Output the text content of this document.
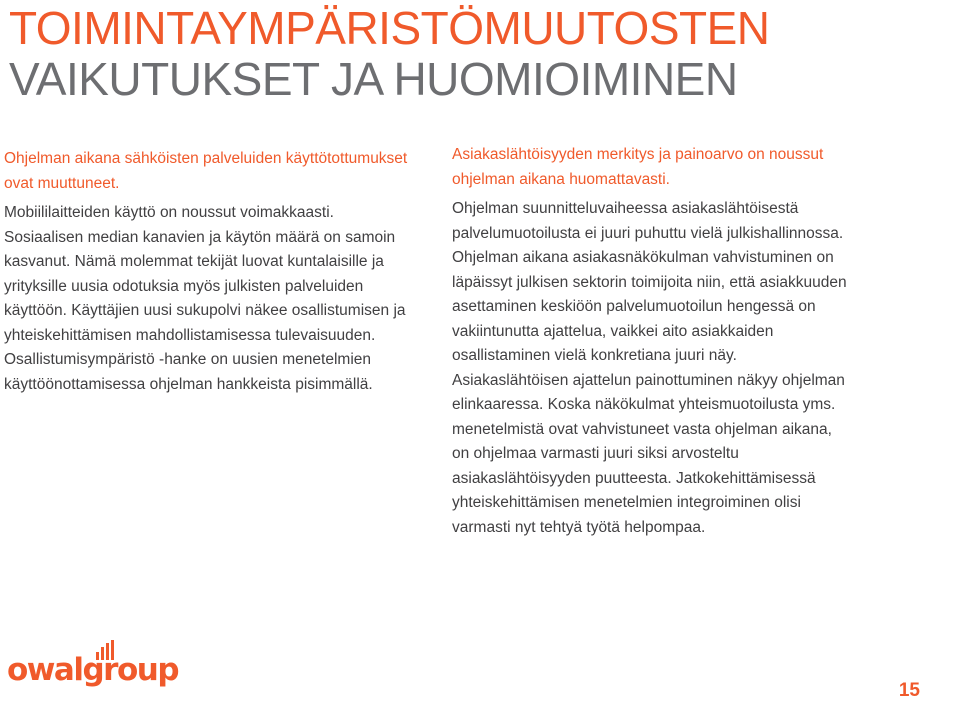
TOIMINTAYMPÄRISTÖMUUTOSTEN
VAIKUTUKSET JA HUOMIOIMINEN

Ohjelman aikana sähköisten palveluiden käyttötottumukset ovat muuttuneet.

Mobiililaitteiden käyttö on noussut voimakkaasti. Sosiaalisen median kanavien ja käytön määrä on samoin kasvanut. Nämä molemmat tekijät luovat kuntalaisille ja yrityksille uusia odotuksia myös julkisten palveluiden käyttöön. Käyttäjien uusi sukupolvi näkee osallistumisen ja yhteiskehittämisen mahdollistamisessa tulevaisuuden. Osallistumisympäristö -hanke on uusien menetelmien käyttöönottamisessa ohjelman hankkeista pisimmällä.

Asiakaslähtöisyyden merkitys ja painoarvo on noussut ohjelman aikana huomattavasti.

Ohjelman suunnitteluvaiheessa asiakaslähtöisestä palvelumuotoilusta ei juuri puhuttu vielä julkishallinnossa. Ohjelman aikana asiakasnäkökulman vahvistuminen on läpäissyt julkisen sektorin toimijoita niin, että asiakkuuden asettaminen keskiöön palvelumuotoilun hengessä on vakiintunutta ajattelua, vaikkei aito asiakkaiden osallistaminen vielä konkretiana juuri näy. Asiakaslähtöisen ajattelun painottuminen näkyy ohjelman elinkaaressa. Koska näkökulmat yhteismuotoilusta yms. menetelmistä ovat vahvistuneet vasta ohjelman aikana, on ohjelmaa varmasti juuri siksi arvosteltu asiakaslähtöisyyden puutteesta. Jatkokehittämisessä yhteiskehittämisen menetelmien integroiminen olisi varmasti nyt tehtyä työtä helpompaa.

owalgroup
15
